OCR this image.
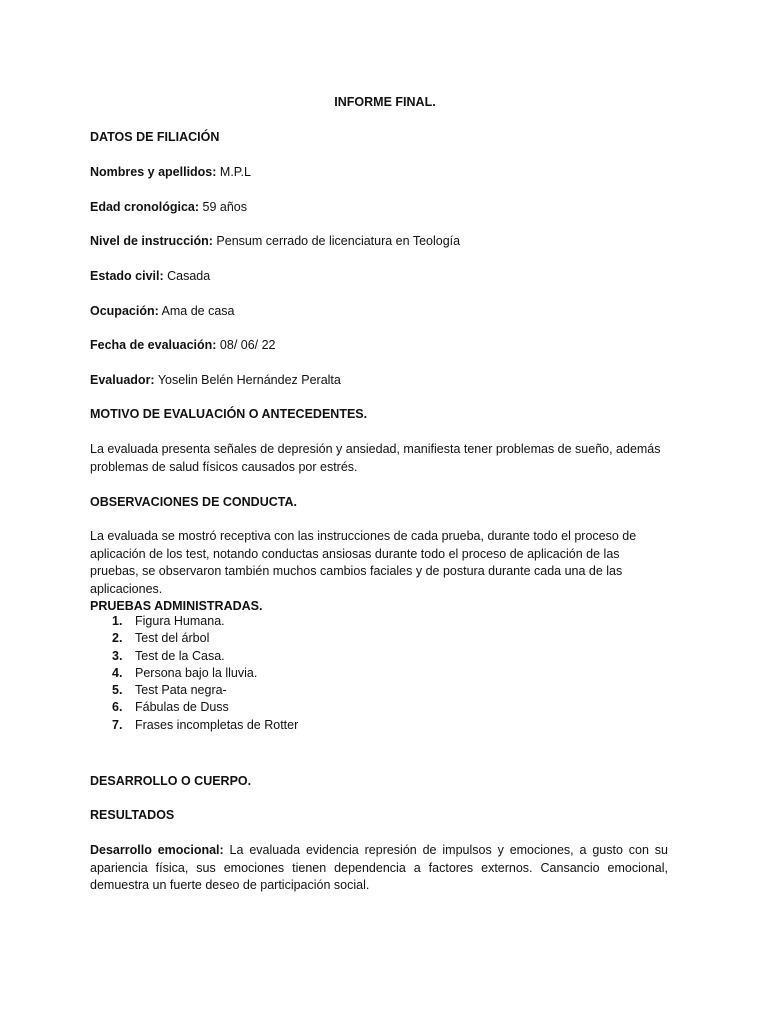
INFORME FINAL.
DATOS DE FILIACIÓN
Nombres y apellidos: M.P.L
Edad cronológica: 59 años
Nivel de instrucción: Pensum cerrado de licenciatura en Teología
Estado civil: Casada
Ocupación: Ama de casa
Fecha de evaluación: 08/ 06/ 22
Evaluador: Yoselin Belén Hernández Peralta
MOTIVO DE EVALUACIÓN O ANTECEDENTES.
La evaluada presenta señales de depresión y ansiedad, manifiesta tener problemas de sueño, además problemas de salud físicos causados por estrés.
OBSERVACIONES DE CONDUCTA.
La evaluada se mostró receptiva con las instrucciones de cada prueba, durante todo el proceso de aplicación de los test, notando conductas ansiosas durante todo el proceso de aplicación de las pruebas, se observaron también muchos cambios faciales y de postura durante cada una de las aplicaciones.
PRUEBAS ADMINISTRADAS.
1. Figura Humana.
2. Test del árbol
3. Test de la Casa.
4. Persona bajo la lluvia.
5. Test Pata negra-
6. Fábulas de Duss
7. Frases incompletas de Rotter
DESARROLLO O CUERPO.
RESULTADOS
Desarrollo emocional: La evaluada evidencia represión de impulsos y emociones, a gusto con su apariencia física, sus emociones tienen dependencia a factores externos. Cansancio emocional, demuestra un fuerte deseo de participación social.
